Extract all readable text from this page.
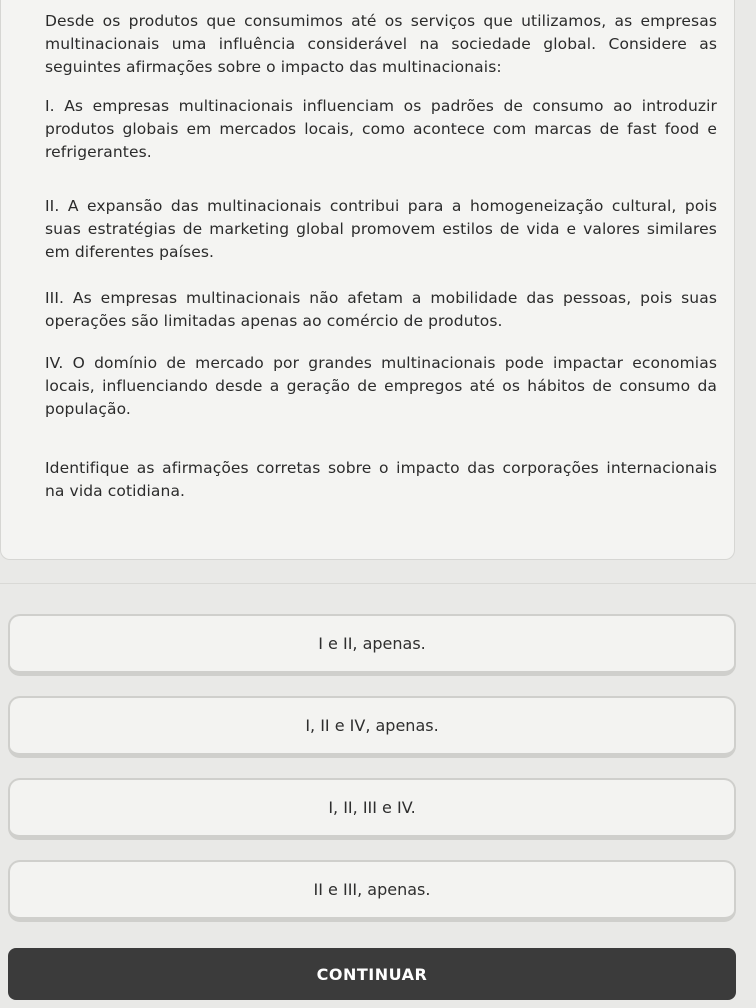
Desde os produtos que consumimos até os serviços que utilizamos, as empresas multinacionais uma influência considerável na sociedade global. Considere as seguintes afirmações sobre o impacto das multinacionais:

I. As empresas multinacionais influenciam os padrões de consumo ao introduzir produtos globais em mercados locais, como acontece com marcas de fast food e refrigerantes.

II. A expansão das multinacionais contribui para a homogeneização cultural, pois suas estratégias de marketing global promovem estilos de vida e valores similares em diferentes países.

III. As empresas multinacionais não afetam a mobilidade das pessoas, pois suas operações são limitadas apenas ao comércio de produtos.

IV. O domínio de mercado por grandes multinacionais pode impactar economias locais, influenciando desde a geração de empregos até os hábitos de consumo da população.

Identifique as afirmações corretas sobre o impacto das corporações internacionais na vida cotidiana.

I e II, apenas.
I, II e IV, apenas.
I, II, III e IV.
II e III, apenas.
CONTINUAR
